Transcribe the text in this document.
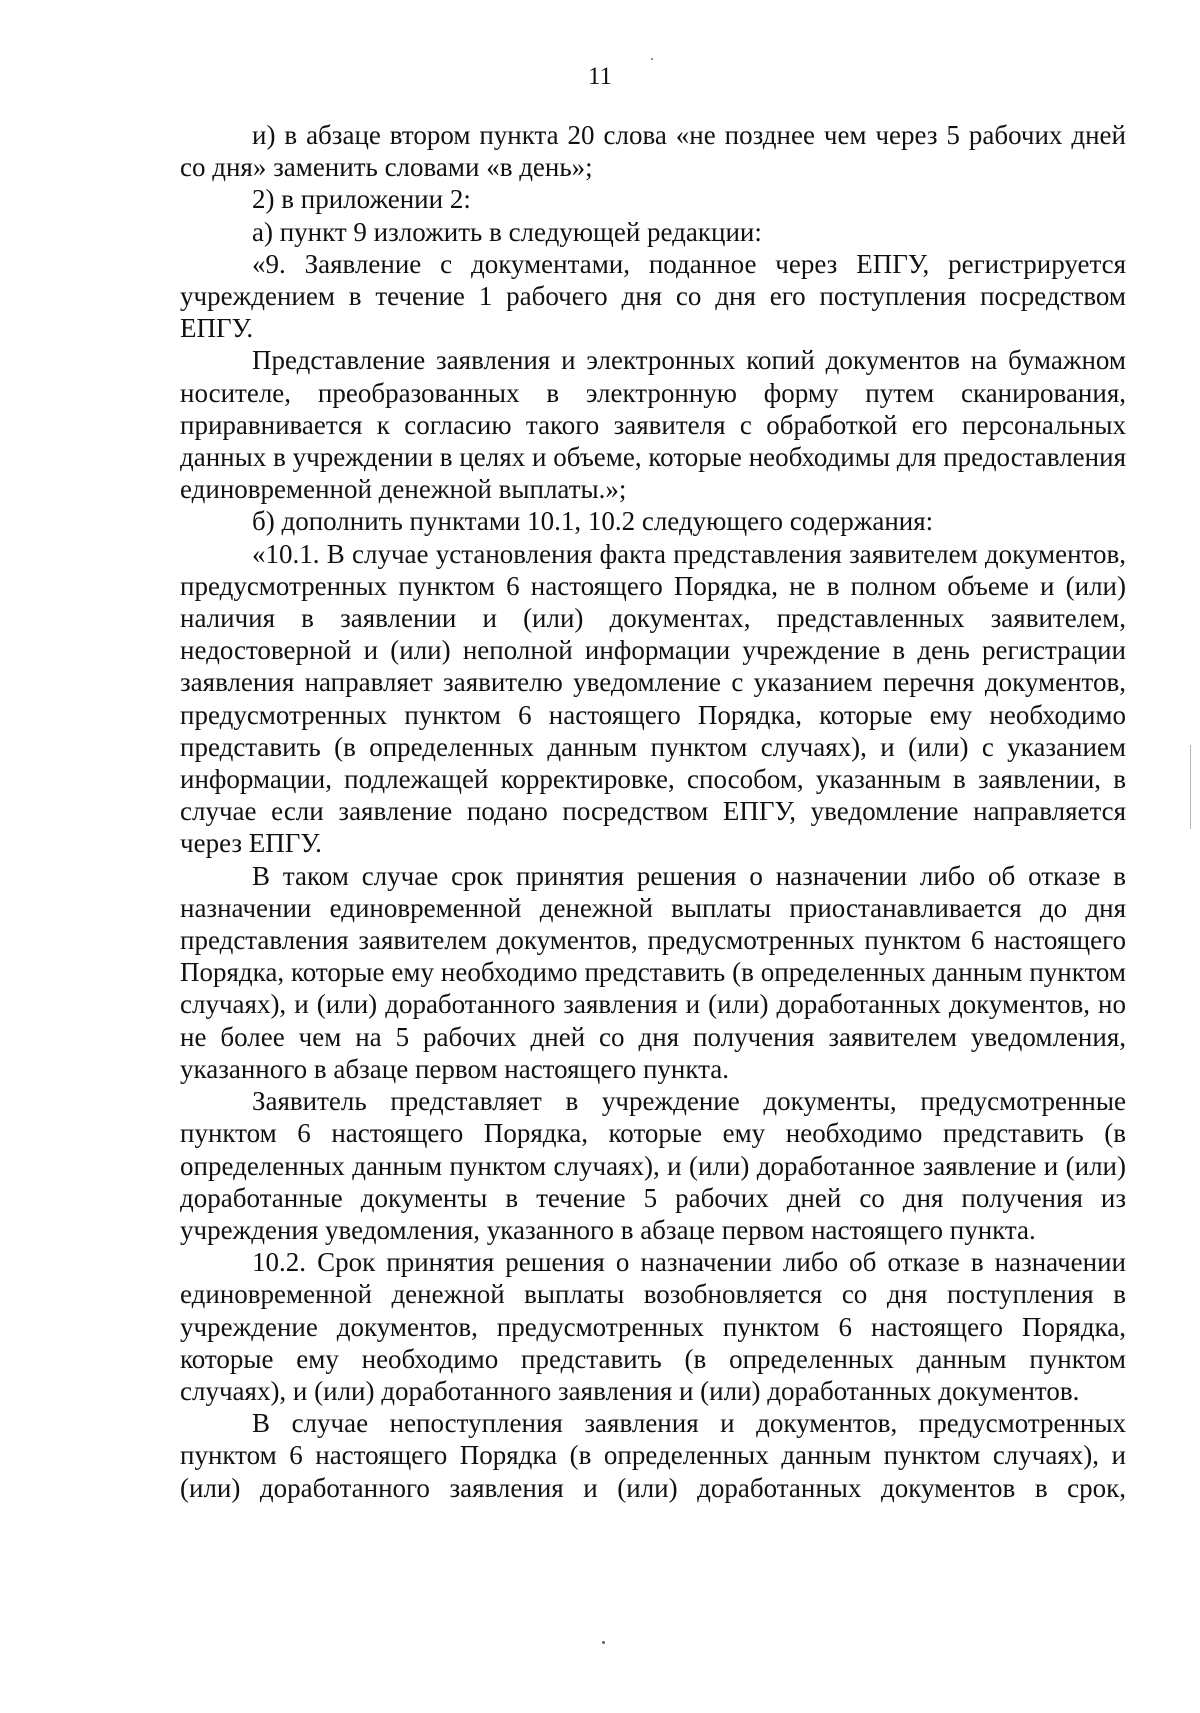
11

и) в абзаце втором пункта 20 слова «не позднее чем через 5 рабочих дней со дня» заменить словами «в день»;

2) в приложении 2:

а) пункт 9 изложить в следующей редакции:

«9. Заявление с документами, поданное через ЕПГУ, регистрируется учреждением в течение 1 рабочего дня со дня его поступления посредством ЕПГУ.

Представление заявления и электронных копий документов на бумажном носителе, преобразованных в электронную форму путем сканирования, приравнивается к согласию такого заявителя с обработкой его персональных данных в учреждении в целях и объеме, которые необходимы для предоставления единовременной денежной выплаты.»;

б) дополнить пунктами 10.1, 10.2 следующего содержания:

«10.1. В случае установления факта представления заявителем документов, предусмотренных пунктом 6 настоящего Порядка, не в полном объеме и (или) наличия в заявлении и (или) документах, представленных заявителем, недостоверной и (или) неполной информации учреждение в день регистрации заявления направляет заявителю уведомление с указанием перечня документов, предусмотренных пунктом 6 настоящего Порядка, которые ему необходимо представить (в определенных данным пунктом случаях), и (или) с указанием информации, подлежащей корректировке, способом, указанным в заявлении, в случае если заявление подано посредством ЕПГУ, уведомление направляется через ЕПГУ.

В таком случае срок принятия решения о назначении либо об отказе в назначении единовременной денежной выплаты приостанавливается до дня представления заявителем документов, предусмотренных пунктом 6 настоящего Порядка, которые ему необходимо представить (в определенных данным пунктом случаях), и (или) доработанного заявления и (или) доработанных документов, но не более чем на 5 рабочих дней со дня получения заявителем уведомления, указанного в абзаце первом настоящего пункта.

Заявитель представляет в учреждение документы, предусмотренные пунктом 6 настоящего Порядка, которые ему необходимо представить (в определенных данным пунктом случаях), и (или) доработанное заявление и (или) доработанные документы в течение 5 рабочих дней со дня получения из учреждения уведомления, указанного в абзаце первом настоящего пункта.

10.2. Срок принятия решения о назначении либо об отказе в назначении единовременной денежной выплаты возобновляется со дня поступления в учреждение документов, предусмотренных пунктом 6 настоящего Порядка, которые ему необходимо представить (в определенных данным пунктом случаях), и (или) доработанного заявления и (или) доработанных документов.

В случае непоступления заявления и документов, предусмотренных пунктом 6 настоящего Порядка (в определенных данным пунктом случаях), и (или) доработанного заявления и (или) доработанных документов в срок,
